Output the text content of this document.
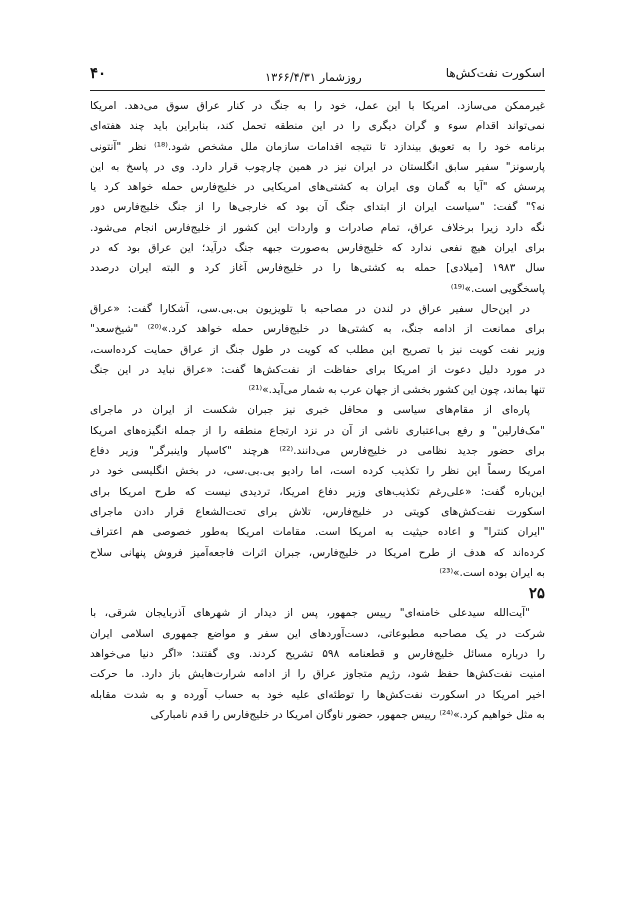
۴۰	روزشمار ۱۳۶۶/۴/۳۱	اسکورت نفت‌کش‌ها
غیرممکن می‌سازد. امریکا با این عمل، خود را به جنگ در کنار عراق سوق می‌دهد. امریکا
نمی‌تواند اقدام سوء و گران دیگری را در این منطقه تحمل کند، بنابراین باید چند هفته‌ای
برنامه خود را به تعویق بیندازد تا نتیجه اقدامات سازمان ملل مشخص شود.⁽¹⁸⁾ نظر "آنتونی
پارسونز" سفیر سابق انگلستان در ایران نیز در همین چارچوب قرار دارد. وی در پاسخ به این
پرسش که "آیا به گمان وی ایران به کشتی‌های امریکایی در خلیج‌فارس حمله خواهد کرد یا
نه؟" گفت: "سیاست ایران از ابتدای جنگ آن بود که خارجی‌ها را از جنگ خلیج‌فارس دور
نگه دارد زیرا برخلاف عراق، تمام صادرات و واردات این کشور از خلیج‌فارس انجام می‌شود.
برای ایران هیچ نفعی ندارد که خلیج‌فارس به‌صورت جبهه جنگ درآید؛ این عراق بود که در
سال ۱۹۸۳ [میلادی] حمله به کشتی‌ها را در خلیج‌فارس آغاز کرد و البته ایران درصدد
پاسخگویی است.»⁽¹⁹⁾
در این‌حال سفیر عراق در لندن در مصاحبه با تلویزیون بی.بی.سی، آشکارا گفت: «عراق
برای ممانعت از ادامه جنگ، به کشتی‌ها در خلیج‌فارس حمله خواهد کرد.»⁽²⁰⁾ "شیخ‌سعد"
وزیر نفت کویت نیز با تصریح این مطلب که کویت در طول جنگ از عراق حمایت کرده‌است،
در مورد دلیل دعوت از امریکا برای حفاظت از نفت‌کش‌ها گفت: «عراق نباید در این جنگ
تنها بماند، چون این کشور بخشی از جهان عرب به شمار می‌آید.»⁽²¹⁾
پاره‌ای از مقام‌های سیاسی و محافل خبری نیز جبران شکست از ایران در ماجرای
"مک‌فارلین" و رفع بی‌اعتباری ناشی از آن در نزد ارتجاع منطقه را از جمله انگیزه‌های امریکا
برای حضور جدید نظامی در خلیج‌فارس می‌دانند.⁽²²⁾ هرچند "کاسپار واینبرگر" وزیر دفاع
امریکا رسماً این نظر را تکذیب کرده است، اما رادیو بی.بی.سی، در بخش انگلیسی خود در
این‌باره گفت: «علی‌رغم تکذیب‌های وزیر دفاع امریکا، تردیدی نیست که طرح امریکا برای
اسکورت نفت‌کش‌های کویتی در خلیج‌فارس، تلاش برای تحت‌الشعاع قرار دادن ماجرای
"ایران کنترا" و اعاده حیثیت به امریکا است. مقامات امریکا به‌طور خصوصی هم اعتراف
کرده‌اند که هدف از طرح امریکا در خلیج‌فارس، جبران اثرات فاجعه‌آمیز فروش پنهانی سلاح
به ایران بوده است.»⁽²³⁾
۲۵
"آیت‌الله سیدعلی خامنه‌ای" رییس جمهور، پس از دیدار از شهرهای آذربایجان شرقی، با
شرکت در یک مصاحبه مطبوعاتی، دست‌آوردهای این سفر و مواضع جمهوری اسلامی ایران
را درباره مسائل خلیج‌فارس و قطعنامه ۵۹۸ تشریح کردند. وی گفتند: «اگر دنیا می‌خواهد
امنیت نفت‌کش‌ها حفظ شود، رژیم متجاوز عراق را از ادامه شرارت‌هایش باز دارد. ما حرکت
اخیر امریکا در اسکورت نفت‌کش‌ها را توطئه‌ای علیه خود به حساب آورده و به شدت مقابله
به مثل خواهیم کرد.»⁽²⁴⁾ رییس جمهور، حضور ناوگان امریکا در خلیج‌فارس را قدم نامبارکی
